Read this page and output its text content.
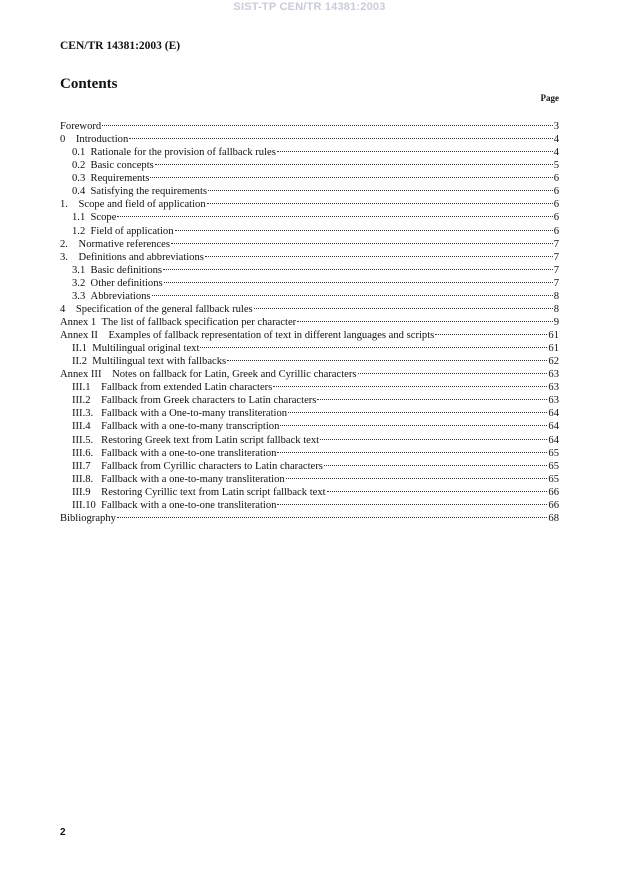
SIST-TP CEN/TR 14381:2003
CEN/TR 14381:2003 (E)
Contents
Page
Foreword	3
0    Introduction	4
0.1  Rationale for the provision of fallback rules	4
0.2  Basic concepts	5
0.3  Requirements	6
0.4  Satisfying the requirements	6
1.    Scope and field of application	6
1.1  Scope	6
1.2  Field of application	6
2.    Normative references	7
3.    Definitions and abbreviations	7
3.1  Basic definitions	7
3.2  Other definitions	7
3.3  Abbreviations	8
4    Specification of the general fallback rules	8
Annex 1  The list of fallback specification per character	9
Annex II    Examples of fallback representation of text in different languages and scripts	61
II.1  Multilingual original text	61
II.2  Multilingual text with fallbacks	62
Annex III    Notes on fallback for Latin, Greek and Cyrillic characters	63
III.1    Fallback from extended Latin characters	63
III.2    Fallback from Greek characters to Latin characters	63
III.3.   Fallback with a One-to-many transliteration	64
III.4    Fallback with a one-to-many transcription	64
III.5.   Restoring Greek text from Latin script fallback text	64
III.6.   Fallback with a one-to-one transliteration	65
III.7    Fallback from Cyrillic characters to Latin characters	65
III.8.   Fallback with a one-to-many transliteration	65
III.9    Restoring Cyrillic text from Latin script fallback text	66
III.10  Fallback with a one-to-one transliteration	66
Bibliography	68
2
